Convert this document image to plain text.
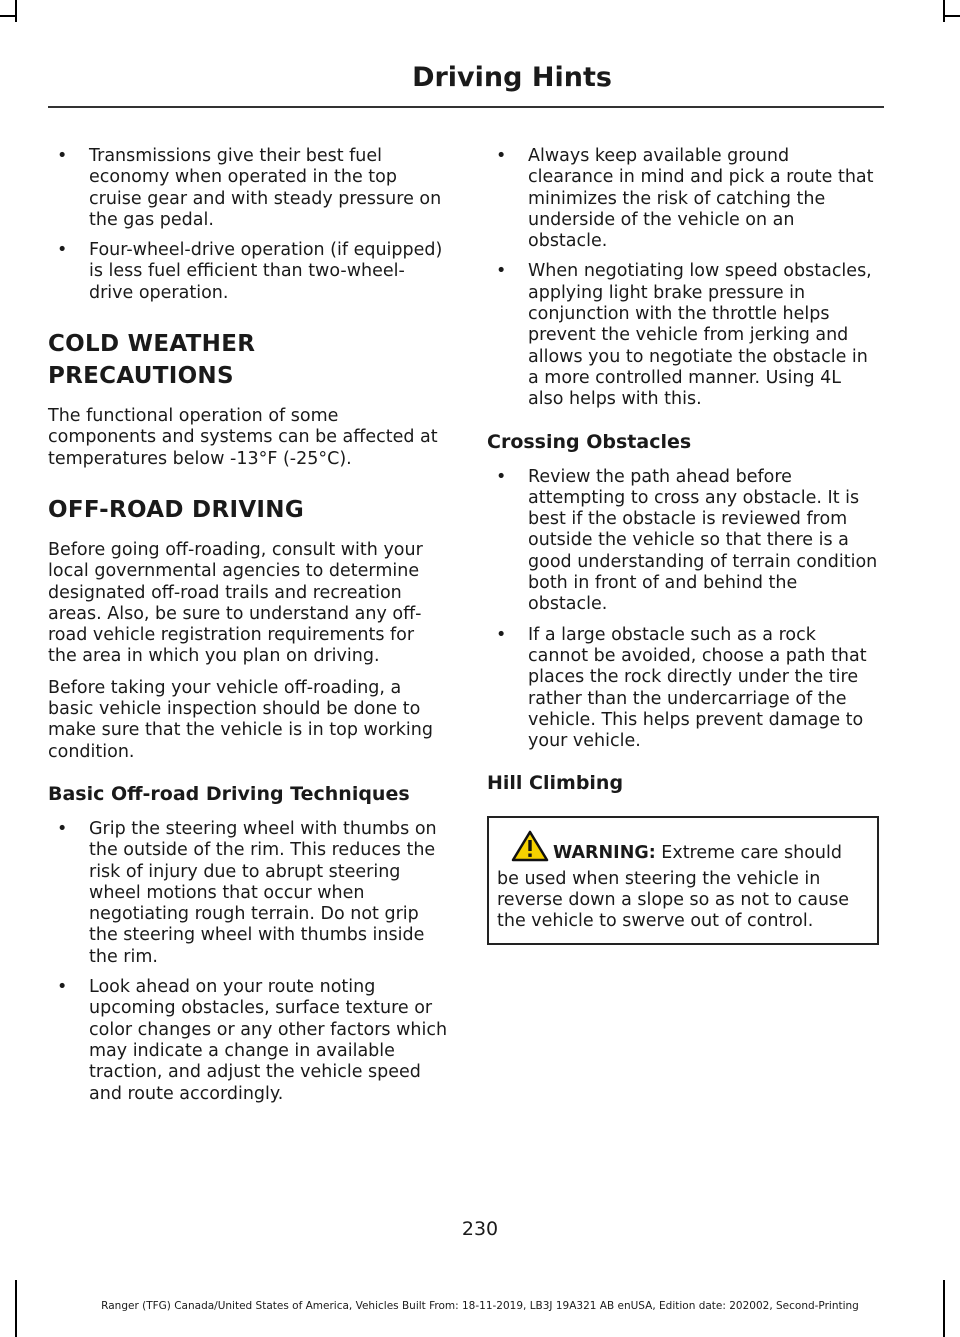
Driving Hints
• Transmissions give their best fuel economy when operated in the top cruise gear and with steady pressure on the gas pedal.
• Four-wheel-drive operation (if equipped) is less fuel efficient than two-wheel-drive operation.
COLD WEATHER
PRECAUTIONS

The functional operation of some components and systems can be affected at temperatures below -13°F (-25°C).

OFF-ROAD DRIVING

Before going off-roading, consult with your local governmental agencies to determine designated off-road trails and recreation areas. Also, be sure to understand any off-road vehicle registration requirements for the area in which you plan on driving.

Before taking your vehicle off-roading, a basic vehicle inspection should be done to make sure that the vehicle is in top working condition.

Basic Off-road Driving Techniques
• Grip the steering wheel with thumbs on the outside of the rim. This reduces the risk of injury due to abrupt steering wheel motions that occur when negotiating rough terrain. Do not grip the steering wheel with thumbs inside the rim.
• Look ahead on your route noting upcoming obstacles, surface texture or color changes or any other factors which may indicate a change in available traction, and adjust the vehicle speed and route accordingly.
• Always keep available ground clearance in mind and pick a route that minimizes the risk of catching the underside of the vehicle on an obstacle.
• When negotiating low speed obstacles, applying light brake pressure in conjunction with the throttle helps prevent the vehicle from jerking and allows you to negotiate the obstacle in a more controlled manner. Using 4L also helps with this.
Crossing Obstacles
• Review the path ahead before attempting to cross any obstacle. It is best if the obstacle is reviewed from outside the vehicle so that there is a good understanding of terrain condition both in front of and behind the obstacle.
• If a large obstacle such as a rock cannot be avoided, choose a path that places the rock directly under the tire rather than the undercarriage of the vehicle. This helps prevent damage to your vehicle.
Hill Climbing
WARNING: Extreme care should be used when steering the vehicle in reverse down a slope so as not to cause the vehicle to swerve out of control.
230
Ranger (TFG) Canada/United States of America, Vehicles Built From: 18-11-2019, LB3J 19A321 AB enUSA, Edition date: 202002, Second-Printing
